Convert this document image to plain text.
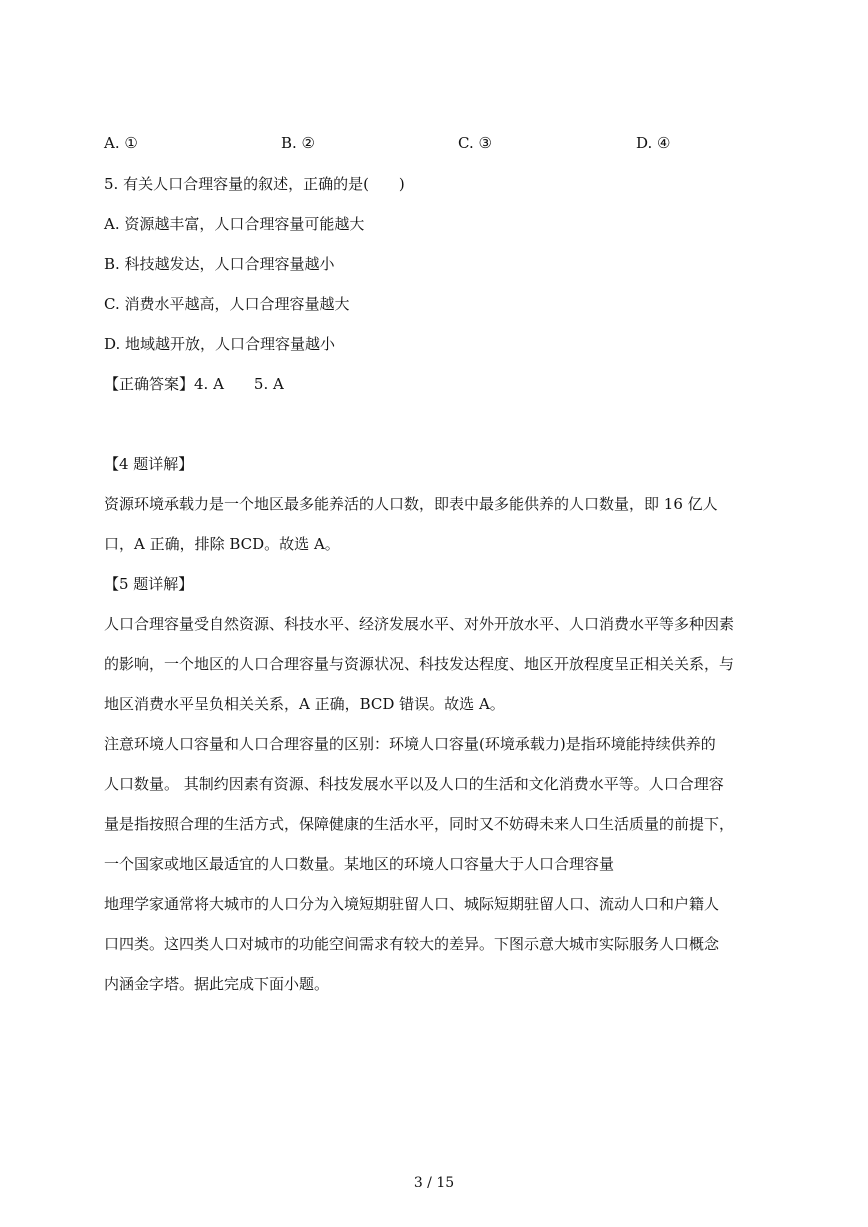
A. ①	B. ②	C. ③	D. ④
5. 有关人口合理容量的叙述，正确的是(　　)
A. 资源越丰富，人口合理容量可能越大
B. 科技越发达，人口合理容量越小
C. 消费水平越高，人口合理容量越大
D. 地域越开放，人口合理容量越小
【正确答案】4. A　　5. A
【4 题详解】
资源环境承载力是一个地区最多能养活的人口数，即表中最多能供养的人口数量，即 16 亿人
口，A 正确，排除 BCD。故选 A。
【5 题详解】
人口合理容量受自然资源、科技水平、经济发展水平、对外开放水平、人口消费水平等多种因素
的影响，一个地区的人口合理容量与资源状况、科技发达程度、地区开放程度呈正相关关系，与
地区消费水平呈负相关关系，A 正确，BCD 错误。故选 A。
注意环境人口容量和人口合理容量的区别：环境人口容量(环境承载力)是指环境能持续供养的
人口数量。 其制约因素有资源、科技发展水平以及人口的生活和文化消费水平等。人口合理容
量是指按照合理的生活方式，保障健康的生活水平，同时又不妨碍未来人口生活质量的前提下，
一个国家或地区最适宜的人口数量。某地区的环境人口容量大于人口合理容量
地理学家通常将大城市的人口分为入境短期驻留人口、城际短期驻留人口、流动人口和户籍人
口四类。这四类人口对城市的功能空间需求有较大的差异。下图示意大城市实际服务人口概念
内涵金字塔。据此完成下面小题。
3 / 15
